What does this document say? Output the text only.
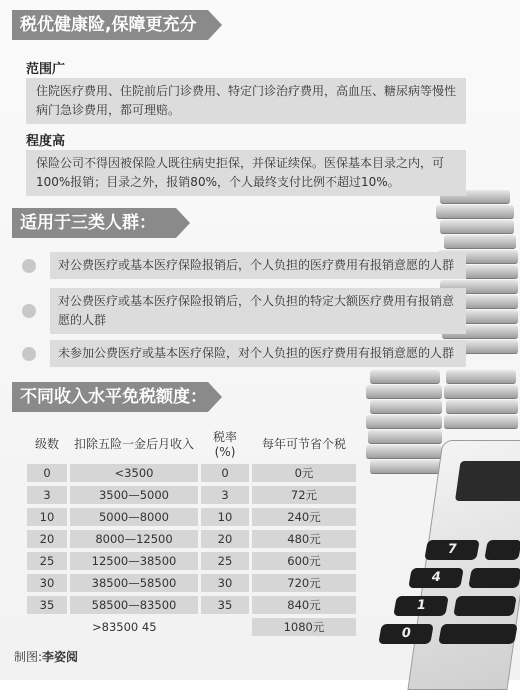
7
4
1
0
税优健康险,保障更充分
范围广
住院医疗费用、住院前后门诊费用、特定门诊治疗费用，高血压、糖尿病等慢性病门急诊费用，都可理赔。
程度高
保险公司不得因被保险人既往病史拒保，并保证续保。医保基本目录之内，可100%报销；目录之外，报销80%，个人最终支付比例不超过10%。
适用于三类人群：
对公费医疗或基本医疗保险报销后，个人负担的医疗费用有报销意愿的人群
对公费医疗或基本医疗保险报销后，个人负担的特定大额医疗费用有报销意愿的人群
未参加公费医疗或基本医疗保险，对个人负担的医疗费用有报销意愿的人群
不同收入水平免税额度：
级数	扣除五险一金后月收入	税率(%)	每年可节省个税
0	<3500	0	0元
3	3500—5000	3	72元
10	5000—8000	10	240元
20	8000—12500	20	480元
25	12500—38500	25	600元
30	38500—58500	30	720元
35	58500—83500	35	840元
	>83500 45		1080元
制图:李姿阅
